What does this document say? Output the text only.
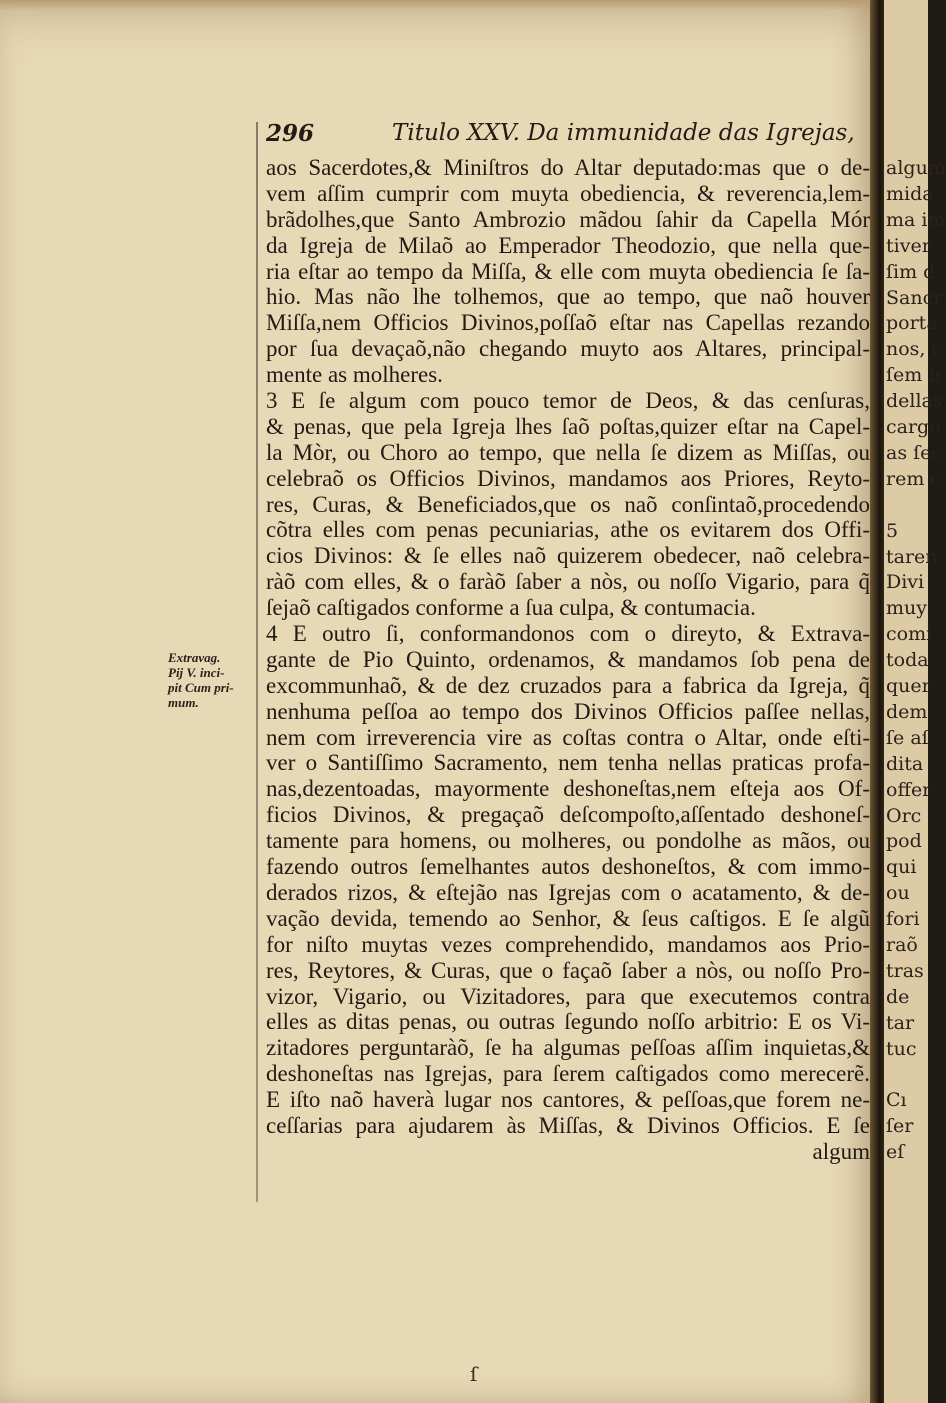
296	Titulo XXV. Da immunidade das Igrejas,
Extravag.
Pij V. inci-
pit Cum pri-
mum.
aos Sacerdotes,& Miniſtros do Altar deputado:mas que o de-
vem aſſim cumprir com muyta obediencia, & reverencia,lem-
brãdolhes,que Santo Ambrozio mãdou ſahir da Capella Mór
da Igreja de Milaõ ao Emperador Theodozio, que nella que-
ria eſtar ao tempo da Miſſa, & elle com muyta obediencia ſe ſa-
hio. Mas não lhe tolhemos, que ao tempo, que naõ houver
Miſſa,nem Officios Divinos,poſſaõ eſtar nas Capellas rezando
por ſua devaçaõ,não chegando muyto aos Altares, principal-
mente as molheres.
3 E ſe algum com pouco temor de Deos, & das cenſuras,
& penas, que pela Igreja lhes ſaõ poſtas,quizer eſtar na Capel-
la Mòr, ou Choro ao tempo, que nella ſe dizem as Miſſas, ou
celebraõ os Officios Divinos, mandamos aos Priores, Reyto-
res, Curas, & Beneficiados,que os naõ conſintaõ,procedendo
cõtra elles com penas pecuniarias, athe os evitarem dos Offi-
cios Divinos: & ſe elles naõ quizerem obedecer, naõ celebra-
ràõ com elles, & o faràõ ſaber a nòs, ou noſſo Vigario, para q̃
ſejaõ caſtigados conforme a ſua culpa, & contumacia.
4 E outro ſi, conformandonos com o direyto, & Extrava-
gante de Pio Quinto, ordenamos, & mandamos ſob pena de
excommunhaõ, & de dez cruzados para a fabrica da Igreja, q̃
nenhuma peſſoa ao tempo dos Divinos Officios paſſee nellas,
nem com irreverencia vire as coſtas contra o Altar, onde eſti-
ver o Santiſſimo Sacramento, nem tenha nellas praticas profa-
nas,dezentoadas, mayormente deshoneſtas,nem eſteja aos Of-
ficios Divinos, & pregaçaõ deſcompoſto,aſſentado deshoneſ-
tamente para homens, ou molheres, ou pondolhe as mãos, ou
fazendo outros ſemelhantes autos deshoneſtos, & com immo-
derados rizos, & eſtejão nas Igrejas com o acatamento, & de-
vação devida, temendo ao Senhor, & ſeus caſtigos. E ſe algũ
for niſto muytas vezes comprehendido, mandamos aos Prio-
res, Reytores, & Curas, que o façaõ ſaber a nòs, ou noſſo Pro-
vizor, Vigario, ou Vizitadores, para que executemos contra
elles as ditas penas, ou outras ſegundo noſſo arbitrio: E os Vi-
zitadores perguntaràõ, ſe ha algumas peſſoas aſſim inquietas,&
deshoneſtas nas Igrejas, para ſerem caſtigados como merecerẽ.
E iſto naõ haverà lugar nos cantores, & peſſoas,que forem ne-
ceſſarias para ajudarem às Miſſas, & Divinos Officios. E ſe
algum
ſ
algum
mida,
ma im
tiver
ſim d
Sancr
porta
nos, c
ſem h
dellas
cargo
as ſec
rem c
5
taren
Divi
muy
comi
toda
quer
dem
ſe aſ
dita
offer
Orc
pod
qui
ou
fori
raõ
tras
de
tar
tuc
Cı
ſer
eſ
